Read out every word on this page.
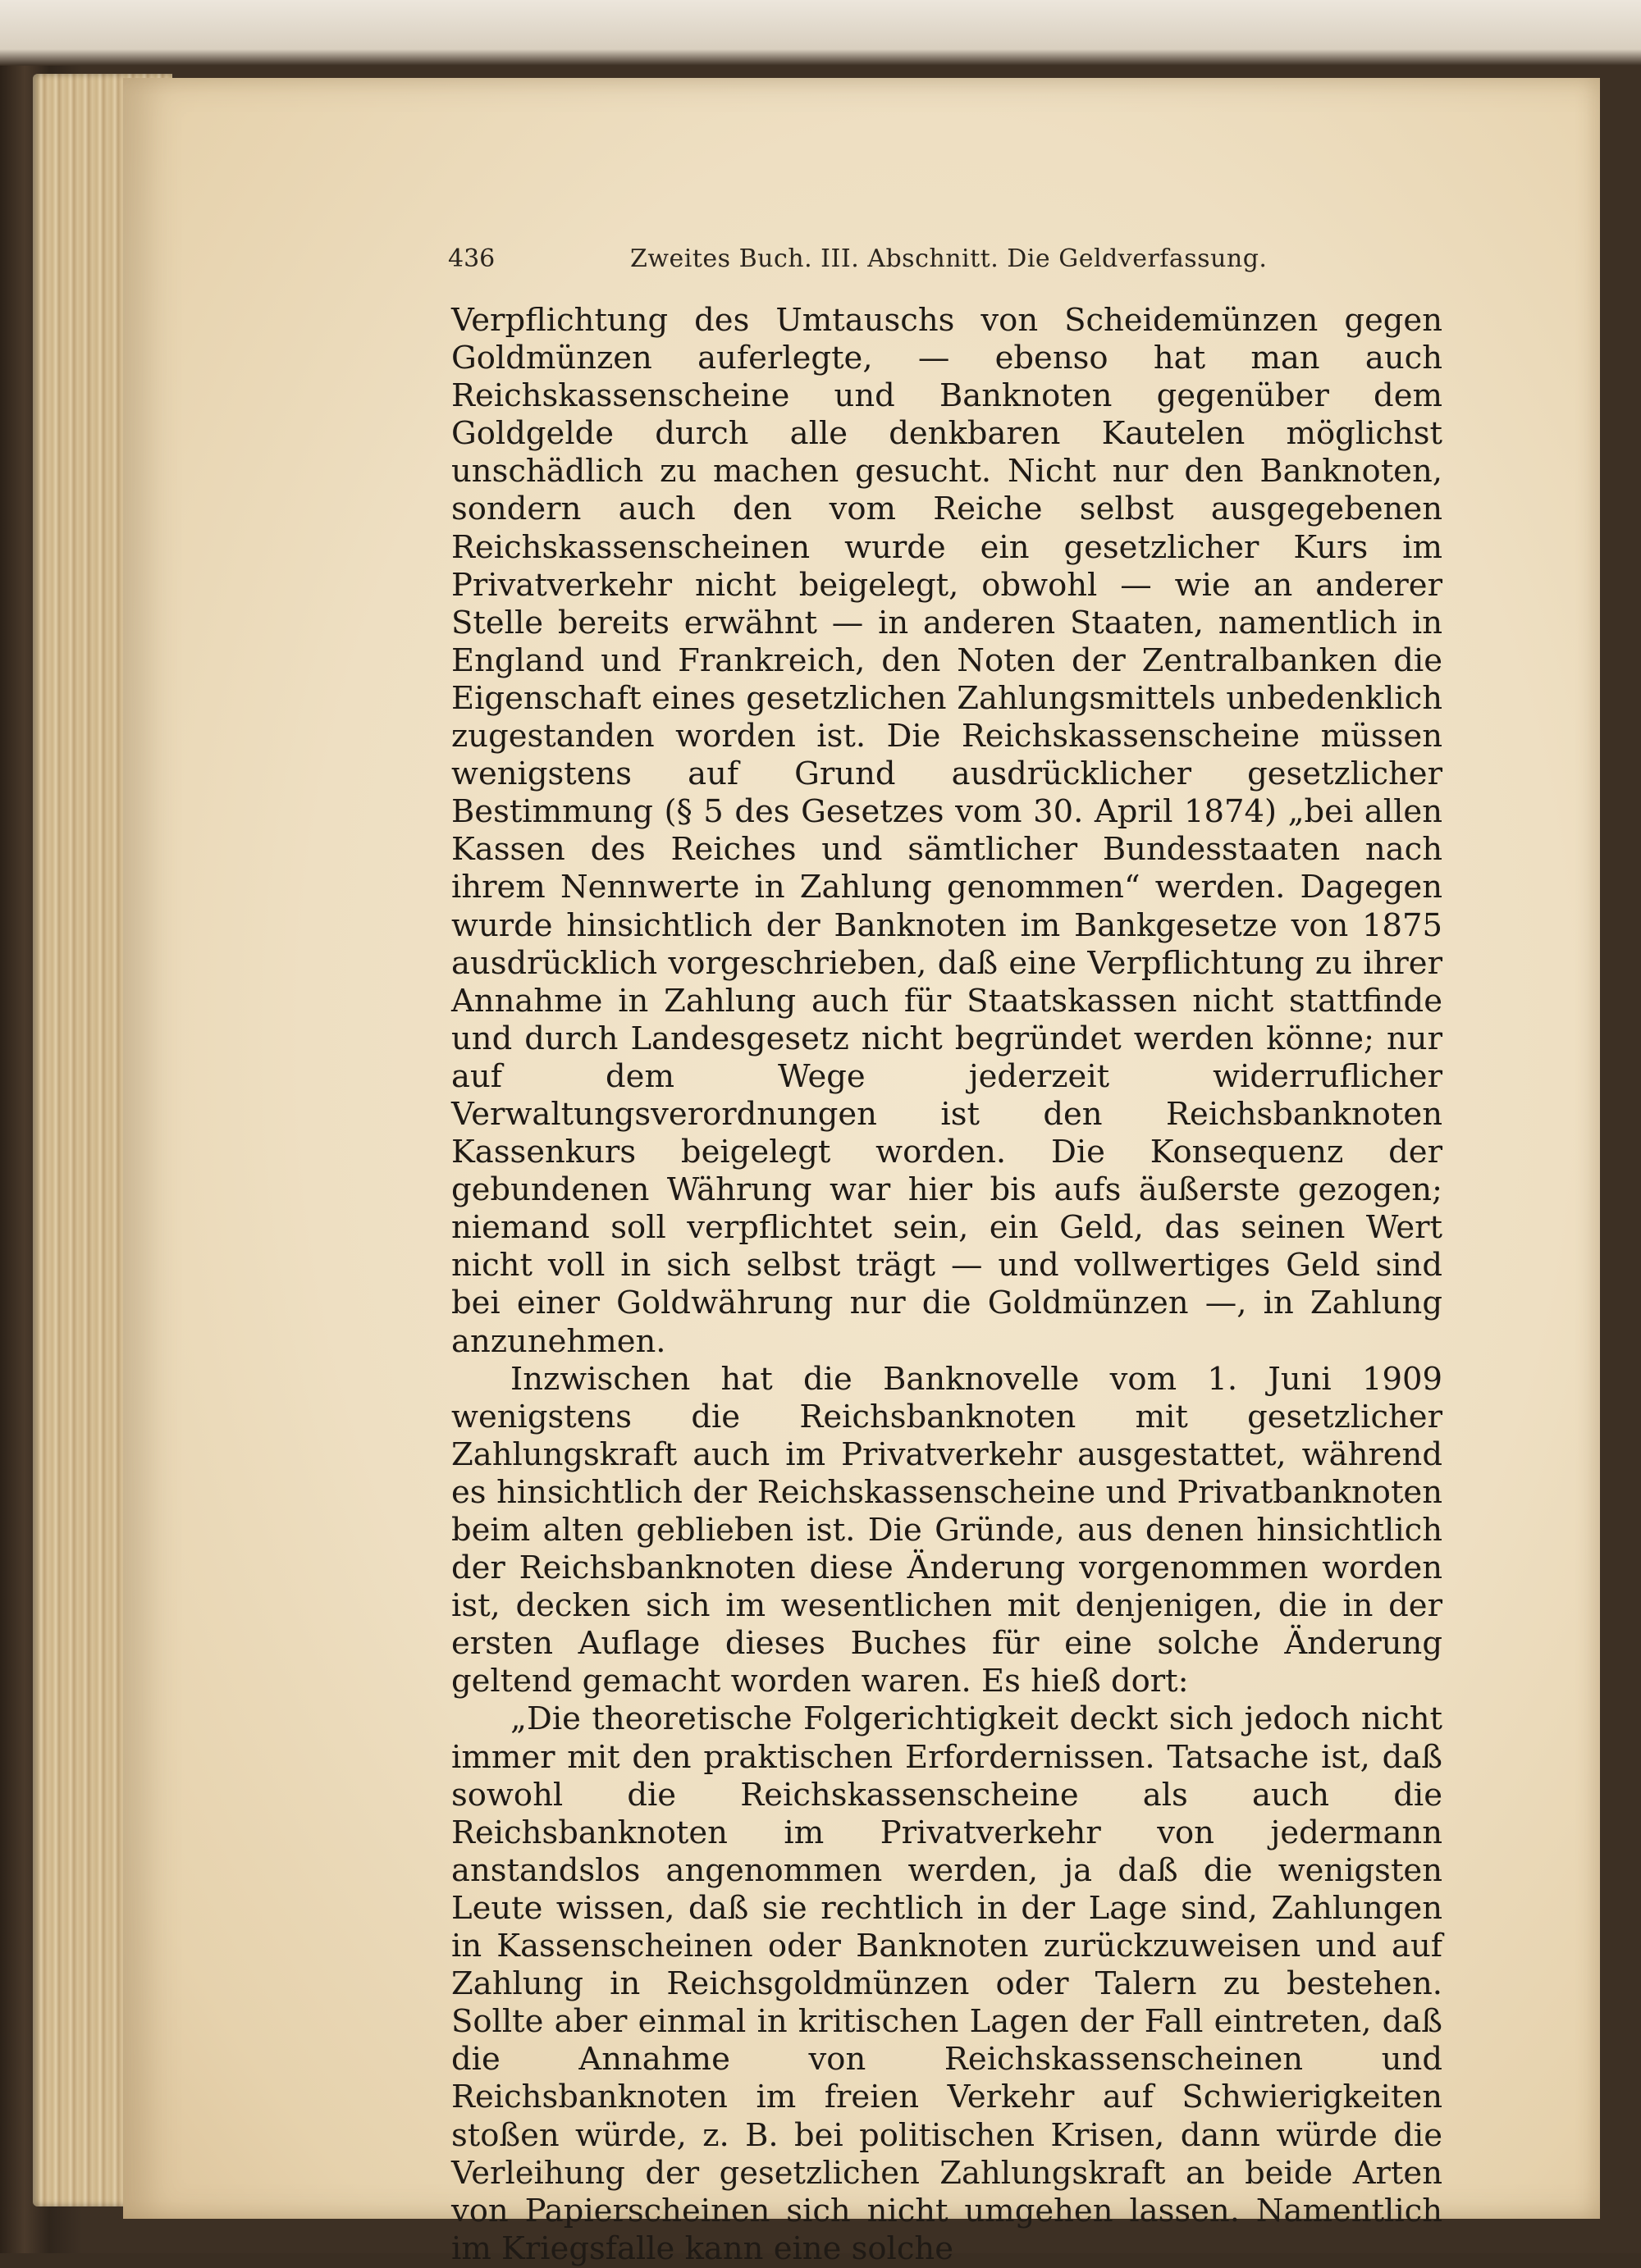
436	Zweites Buch. III. Abschnitt. Die Geldverfassung.

Verpflichtung des Umtauschs von Scheidemünzen gegen Goldmünzen auferlegte, — ebenso hat man auch Reichskassenscheine und Banknoten gegenüber dem Goldgelde durch alle denkbaren Kautelen möglichst unschädlich zu machen gesucht. Nicht nur den Banknoten, sondern auch den vom Reiche selbst ausgegebenen Reichskassenscheinen wurde ein gesetzlicher Kurs im Privatverkehr nicht beigelegt, obwohl — wie an anderer Stelle bereits erwähnt — in anderen Staaten, namentlich in England und Frankreich, den Noten der Zentralbanken die Eigenschaft eines gesetzlichen Zahlungsmittels unbedenklich zugestanden worden ist. Die Reichskassenscheine müssen wenigstens auf Grund ausdrücklicher gesetzlicher Bestimmung (§ 5 des Gesetzes vom 30. April 1874) „bei allen Kassen des Reiches und sämtlicher Bundesstaaten nach ihrem Nennwerte in Zahlung genommen“ werden. Dagegen wurde hinsichtlich der Banknoten im Bankgesetze von 1875 ausdrücklich vorgeschrieben, daß eine Verpflichtung zu ihrer Annahme in Zahlung auch für Staatskassen nicht stattfinde und durch Landesgesetz nicht begründet werden könne; nur auf dem Wege jederzeit widerruflicher Verwaltungsverordnungen ist den Reichsbanknoten Kassenkurs beigelegt worden. Die Konsequenz der gebundenen Währung war hier bis aufs äußerste gezogen; niemand soll verpflichtet sein, ein Geld, das seinen Wert nicht voll in sich selbst trägt — und vollwertiges Geld sind bei einer Goldwährung nur die Goldmünzen —, in Zahlung anzunehmen.

Inzwischen hat die Banknovelle vom 1. Juni 1909 wenigstens die Reichsbanknoten mit gesetzlicher Zahlungskraft auch im Privatverkehr ausgestattet, während es hinsichtlich der Reichskassenscheine und Privatbanknoten beim alten geblieben ist. Die Gründe, aus denen hinsichtlich der Reichsbanknoten diese Änderung vorgenommen worden ist, decken sich im wesentlichen mit denjenigen, die in der ersten Auflage dieses Buches für eine solche Änderung geltend gemacht worden waren. Es hieß dort:

„Die theoretische Folgerichtigkeit deckt sich jedoch nicht immer mit den praktischen Erfordernissen. Tatsache ist, daß sowohl die Reichskassenscheine als auch die Reichsbanknoten im Privatverkehr von jedermann anstandslos angenommen werden, ja daß die wenigsten Leute wissen, daß sie rechtlich in der Lage sind, Zahlungen in Kassenscheinen oder Banknoten zurückzuweisen und auf Zahlung in Reichsgoldmünzen oder Talern zu bestehen. Sollte aber einmal in kritischen Lagen der Fall eintreten, daß die Annahme von Reichskassenscheinen und Reichsbanknoten im freien Verkehr auf Schwierigkeiten stoßen würde, z. B. bei politischen Krisen, dann würde die Verleihung der gesetzlichen Zahlungskraft an beide Arten von Papierscheinen sich nicht umgehen lassen. Namentlich im Kriegsfalle kann eine solche
